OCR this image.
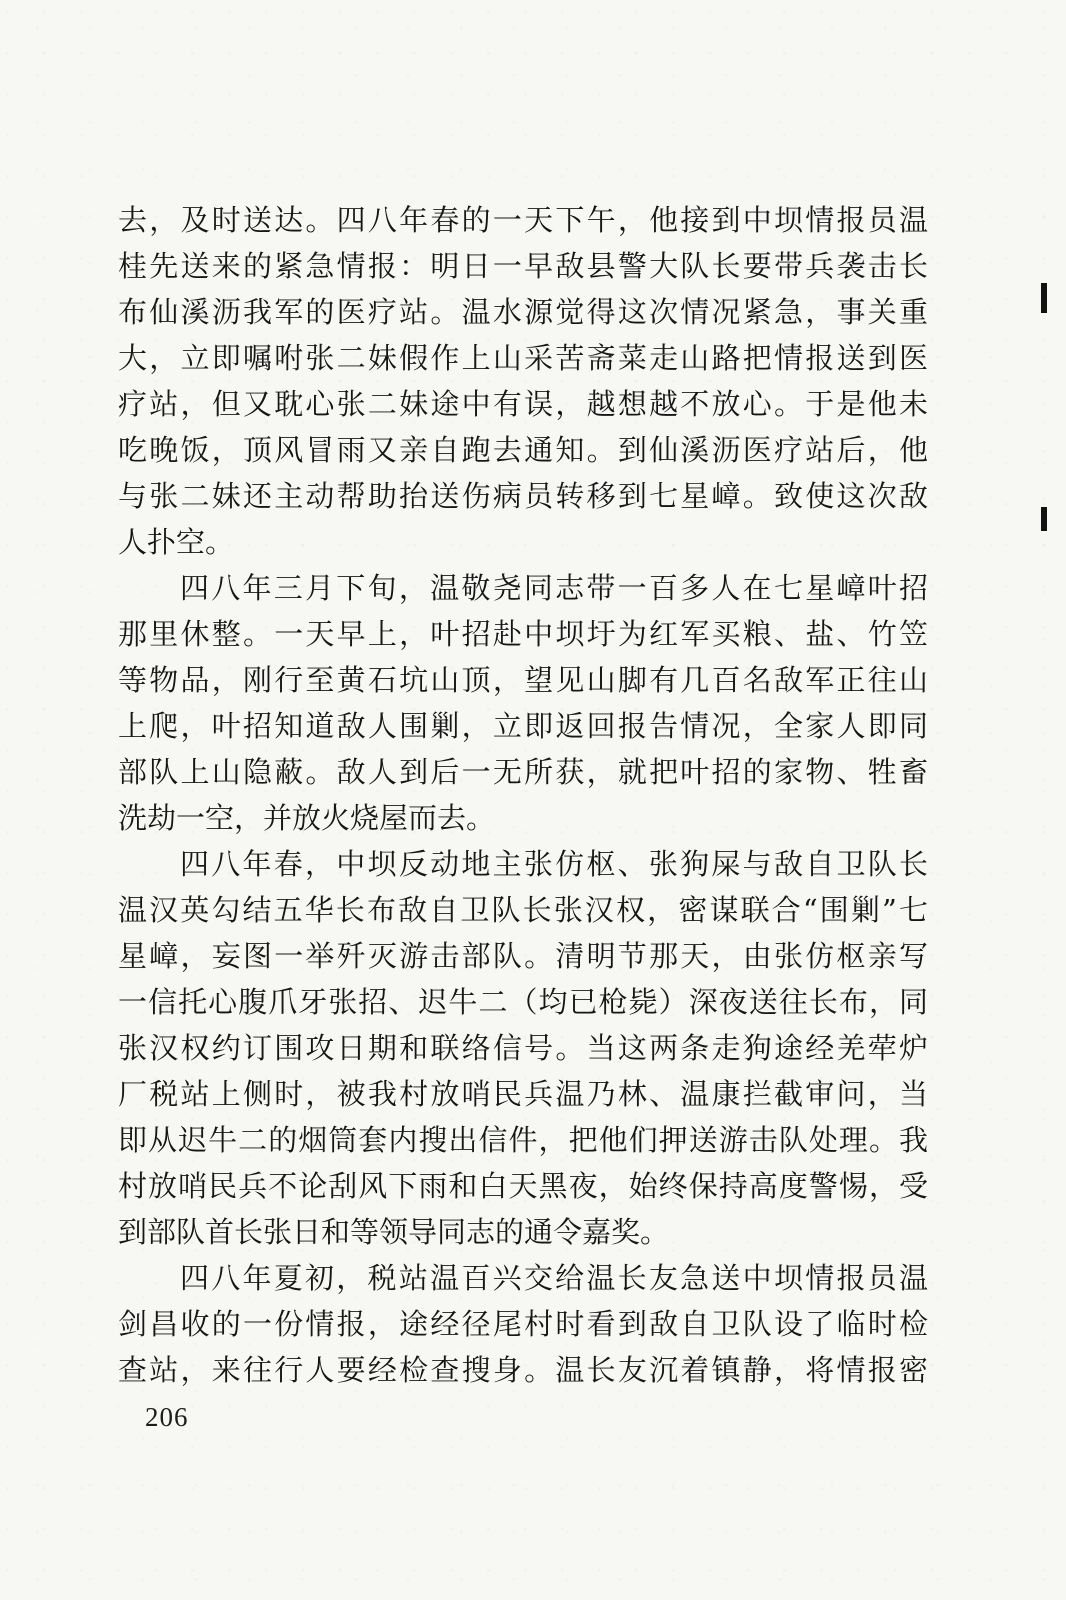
去，及时送达。四八年春的一天下午，他接到中坝情报员温
桂先送来的紧急情报：明日一早敌县警大队长要带兵袭击长
布仙溪沥我军的医疗站。温水源觉得这次情况紧急，事关重
大，立即嘱咐张二妹假作上山采苦斋菜走山路把情报送到医
疗站，但又耽心张二妹途中有误，越想越不放心。于是他未
吃晚饭，顶风冒雨又亲自跑去通知。到仙溪沥医疗站后，他
与张二妹还主动帮助抬送伤病员转移到七星嶂。致使这次敌
人扑空。
四八年三月下旬，温敬尧同志带一百多人在七星嶂叶招
那里休整。一天早上，叶招赴中坝圩为红军买粮、盐、竹笠
等物品，刚行至黄石坑山顶，望见山脚有几百名敌军正往山
上爬，叶招知道敌人围剿，立即返回报告情况，全家人即同
部队上山隐蔽。敌人到后一无所获，就把叶招的家物、牲畜
洗劫一空，并放火烧屋而去。
四八年春，中坝反动地主张仿枢、张狗屎与敌自卫队长
温汉英勾结五华长布敌自卫队长张汉权，密谋联合“围剿”七
星嶂，妄图一举歼灭游击部队。清明节那天，由张仿枢亲写
一信托心腹爪牙张招、迟牛二（均已枪毙）深夜送往长布，同
张汉权约订围攻日期和联络信号。当这两条走狗途经羌荦炉
厂税站上侧时，被我村放哨民兵温乃林、温康拦截审问，当
即从迟牛二的烟筒套内搜出信件，把他们押送游击队处理。我
村放哨民兵不论刮风下雨和白天黑夜，始终保持高度警惕，受
到部队首长张日和等领导同志的通令嘉奖。
四八年夏初，税站温百兴交给温长友急送中坝情报员温
剑昌收的一份情报，途经径尾村时看到敌自卫队设了临时检
查站，来往行人要经检查搜身。温长友沉着镇静，将情报密
206
